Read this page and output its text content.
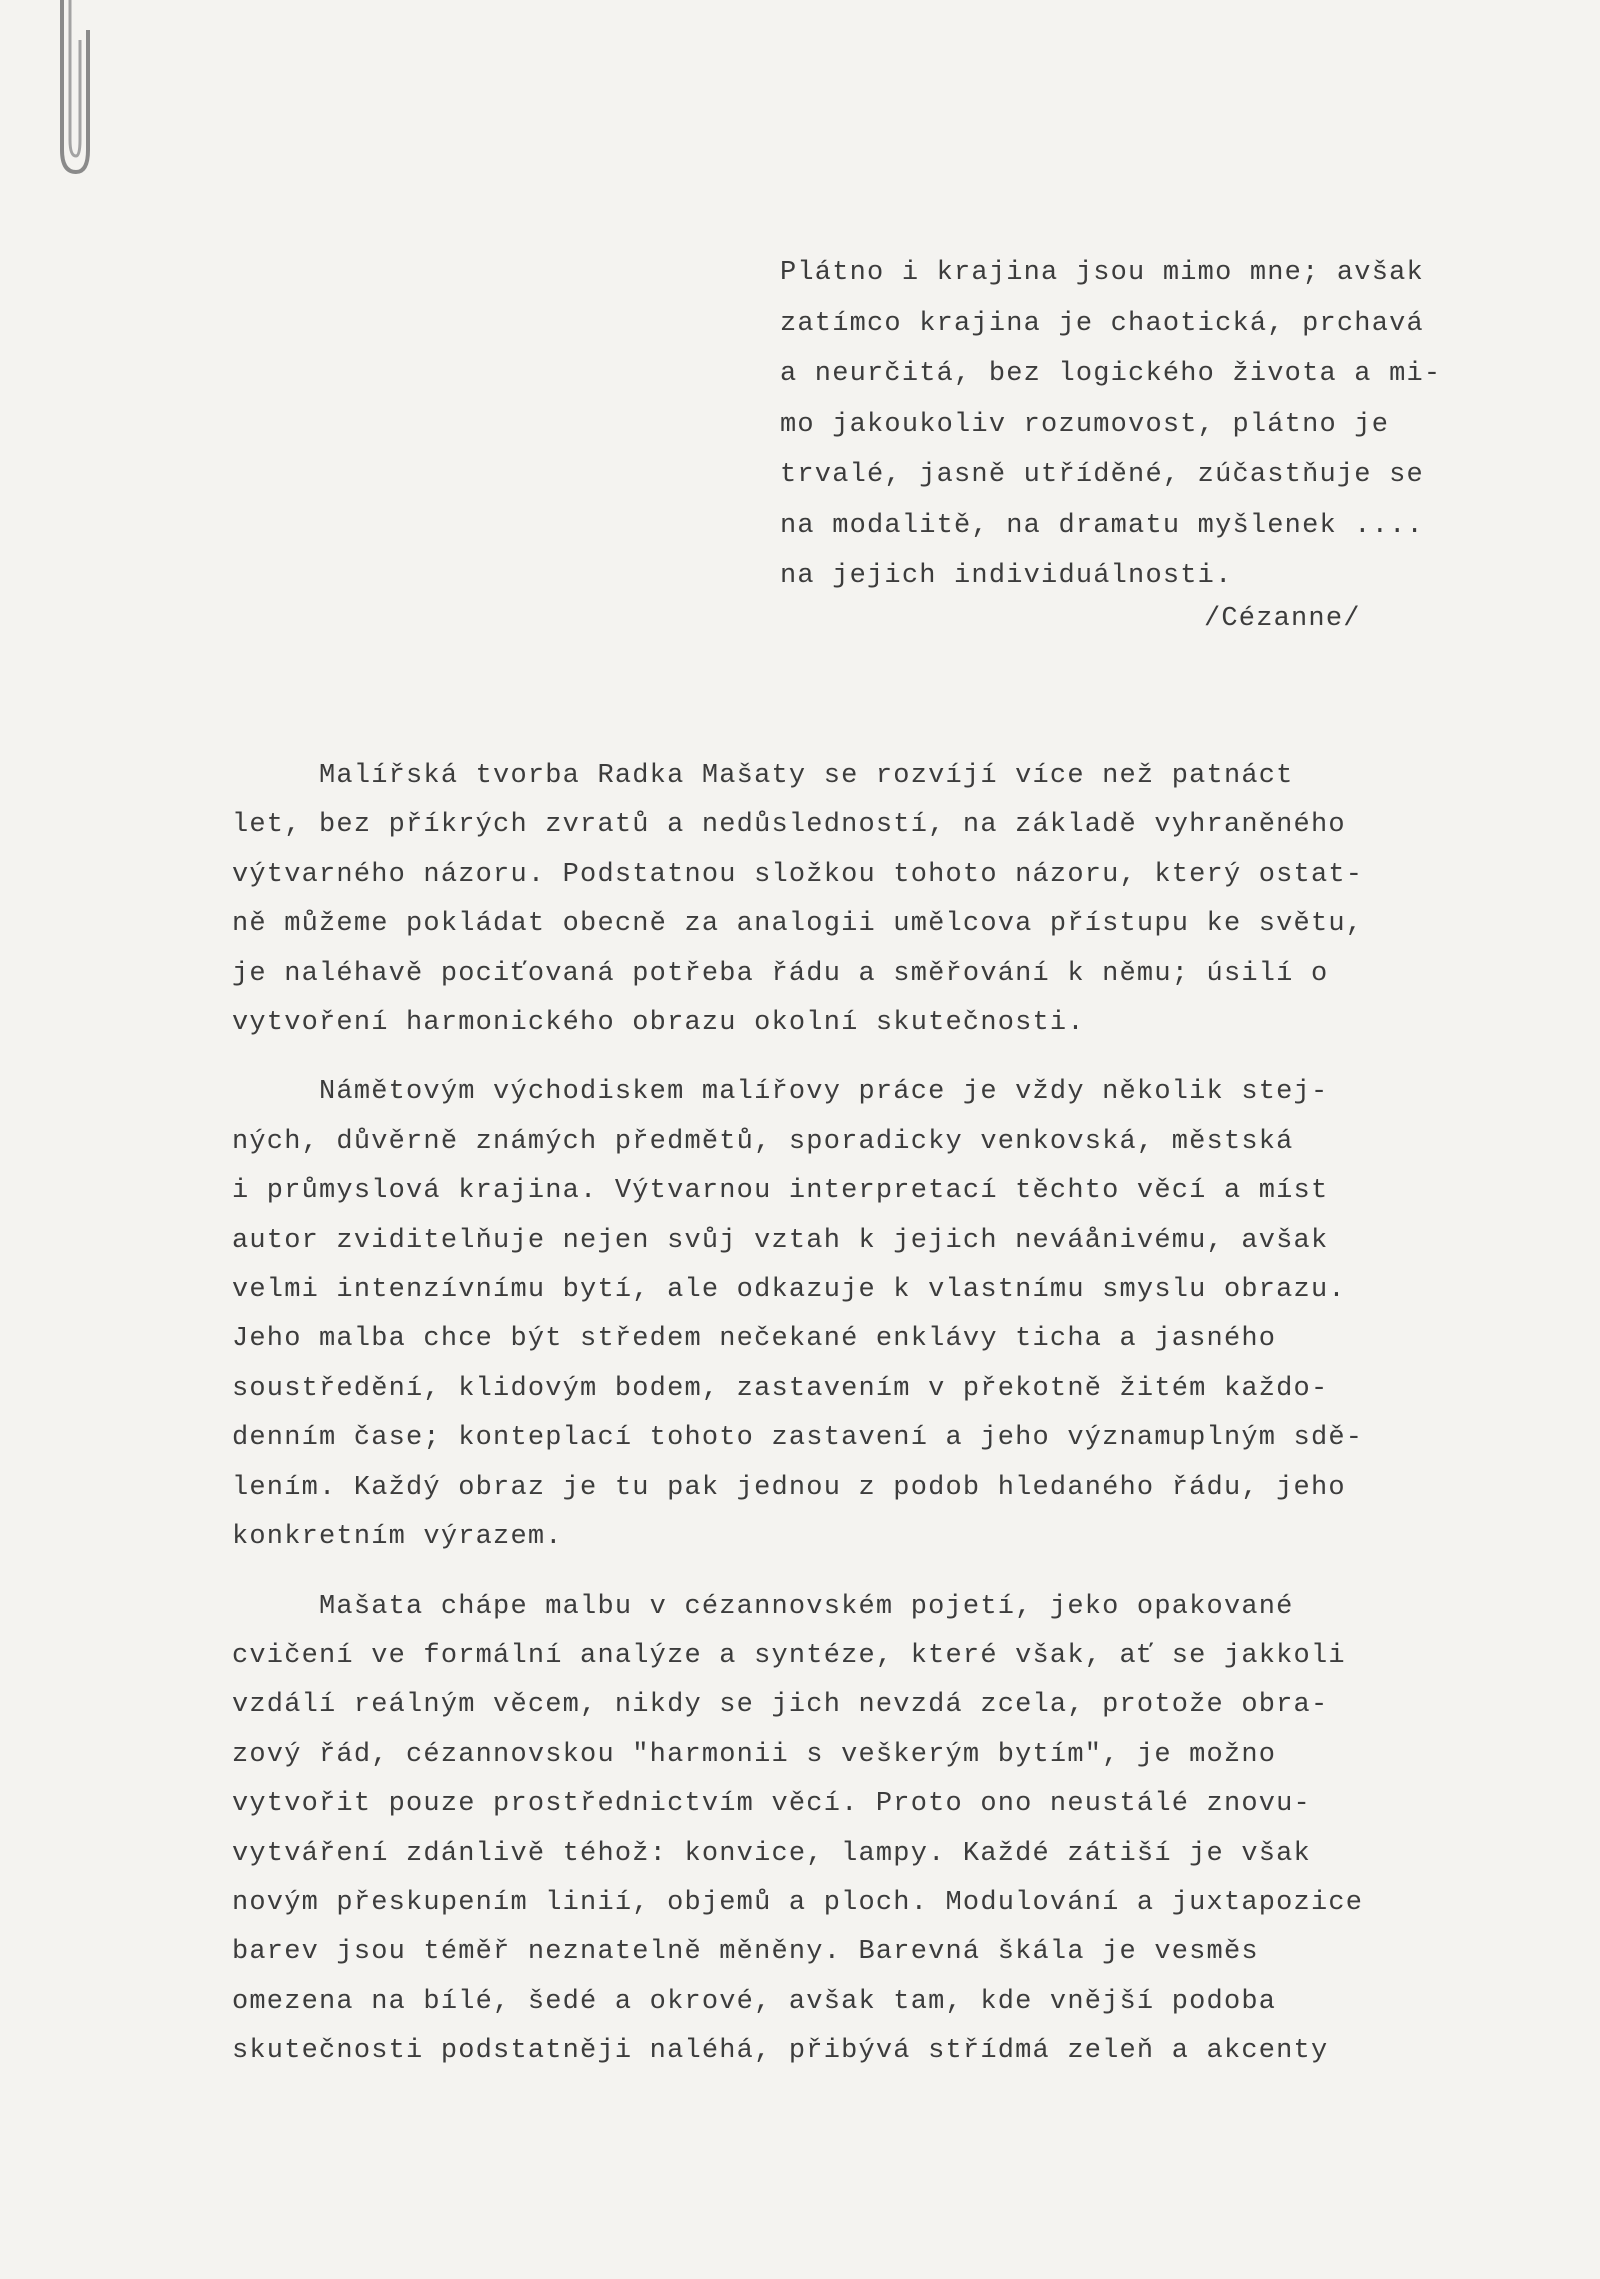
Plátno i krajina jsou mimo mne; avšak
zatímco krajina je chaotická, prchavá
a neurčitá, bez logického života a mi-
mo jakoukoliv rozumovost, plátno je
trvalé, jasně utříděné, zúčastňuje se
na modalitě, na dramatu myšlenek ....
na jejich individuálnosti.
/Cézanne/
Malířská tvorba Radka Mašaty se rozvíjí více než patnáct
let, bez příkrých zvratů a nedůsledností, na základě vyhraněného
výtvarného názoru. Podstatnou složkou tohoto názoru, který ostat-
ně můžeme pokládat obecně za analogii umělcova přístupu ke světu,
je naléhavě pociťovaná potřeba řádu a směřování k němu; úsilí o
vytvoření harmonického obrazu okolní skutečnosti.
Námětovým východiskem malířovy práce je vždy několik stej-
ných, důvěrně známých předmětů, sporadicky venkovská, městská
i průmyslová krajina. Výtvarnou interpretací těchto věcí a míst
autor zviditelňuje nejen svůj vztah k jejich neváånivému, avšak
velmi intenzívnímu bytí, ale odkazuje k vlastnímu smyslu obrazu.
Jeho malba chce být středem nečekané enklávy ticha a jasného
soustředění, klidovým bodem, zastavením v překotně žitém každo-
denním čase; konteplací tohoto zastavení a jeho významuplným sdě-
lením. Každý obraz je tu pak jednou z podob hledaného řádu, jeho
konkretním výrazem.
Mašata chápe malbu v cézannovském pojetí, jeko opakované
cvičení ve formální analýze a syntéze, které však, ať se jakkoli
vzdálí reálným věcem, nikdy se jich nevzdá zcela, protože obra-
zový řád, cézannovskou "harmonii s veškerým bytím", je možno
vytvořit pouze prostřednictvím věcí. Proto ono neustálé znovu-
vytváření zdánlivě téhož: konvice, lampy. Každé zátiší je však
novým přeskupením linií, objemů a ploch. Modulování a juxtapozice
barev jsou téměř neznatelně měněny. Barevná škála je vesměs
omezena na bílé, šedé a okrové, avšak tam, kde vnější podoba
skutečnosti podstatněji naléhá, přibývá střídmá zeleň a akcenty
